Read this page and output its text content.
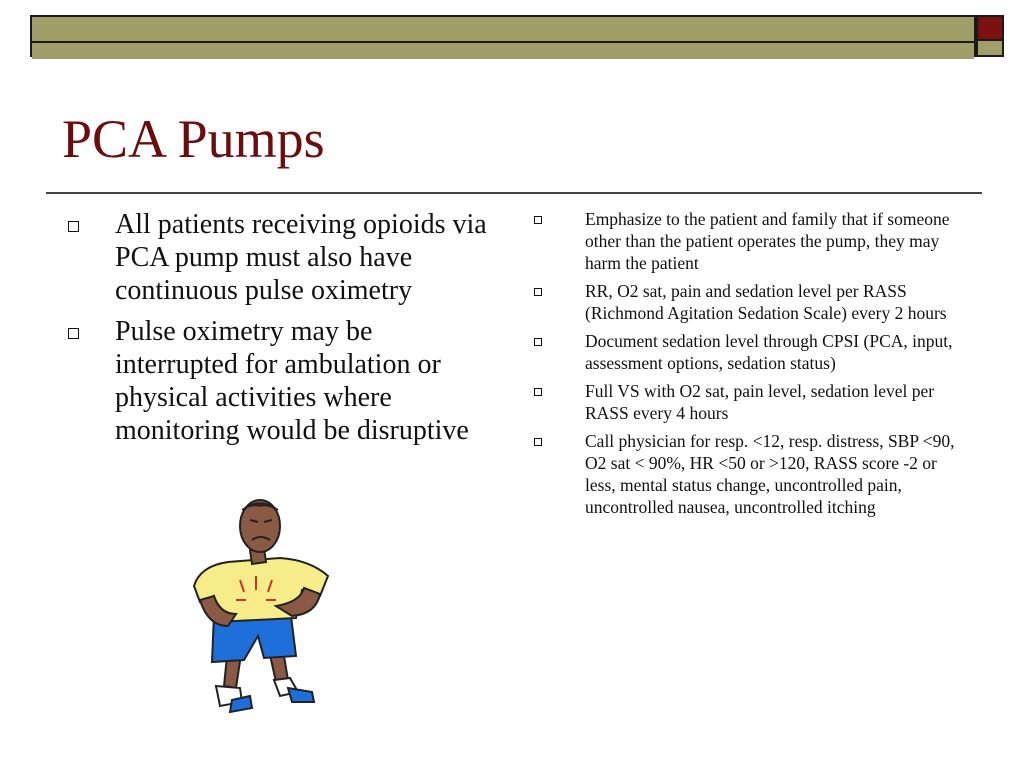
PCA Pumps
All patients receiving opioids via PCA pump must also have continuous pulse oximetry
Pulse oximetry may be interrupted for ambulation or physical activities where monitoring would be disruptive
Emphasize to the patient and family that if someone other than the patient operates the pump, they may harm the patient
RR, O2 sat, pain and sedation level per RASS (Richmond Agitation Sedation Scale) every 2 hours
Document sedation level through CPSI (PCA, input, assessment options, sedation status)
Full VS with O2 sat, pain level, sedation level per RASS every 4 hours
Call physician for resp. <12, resp. distress, SBP <90, O2 sat < 90%, HR <50 or >120, RASS score -2 or less, mental status change, uncontrolled pain, uncontrolled nausea, uncontrolled itching
